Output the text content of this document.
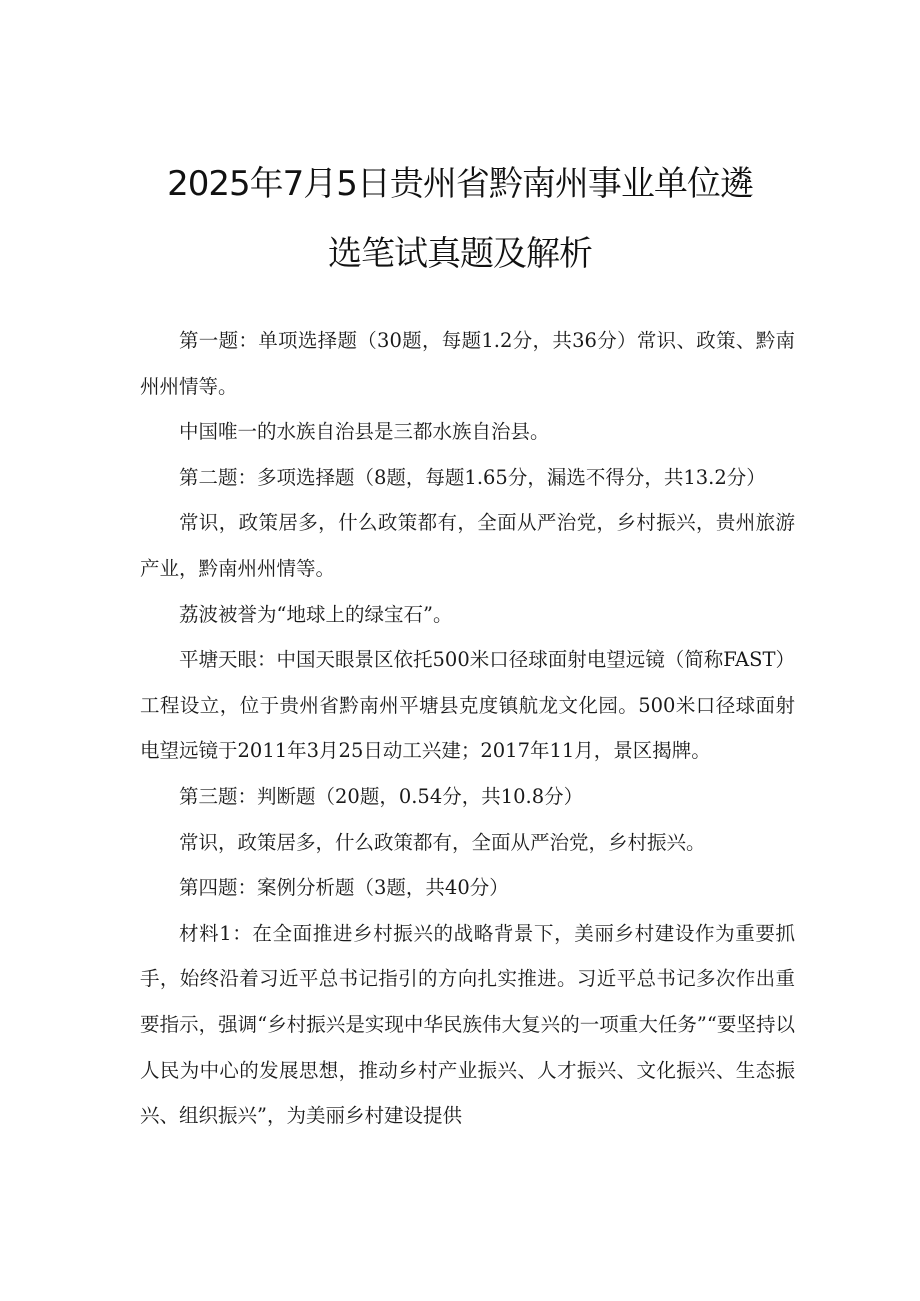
2025年7月5日贵州省黔南州事业单位遴
选笔试真题及解析

第一题：单项选择题（30题，每题1.2分，共36分）常识、政策、黔南州州情等。

中国唯一的水族自治县是三都水族自治县。

第二题：多项选择题（8题，每题1.65分，漏选不得分，共13.2分）

常识，政策居多，什么政策都有，全面从严治党，乡村振兴，贵州旅游产业，黔南州州情等。

荔波被誉为“地球上的绿宝石”。

平塘天眼：中国天眼景区依托500米口径球面射电望远镜（简称FAST）工程设立，位于贵州省黔南州平塘县克度镇航龙文化园。500米口径球面射电望远镜于2011年3月25日动工兴建；2017年11月，景区揭牌。

第三题：判断题（20题，0.54分，共10.8分）

常识，政策居多，什么政策都有，全面从严治党，乡村振兴。

第四题：案例分析题（3题，共40分）

材料1：在全面推进乡村振兴的战略背景下，美丽乡村建设作为重要抓手，始终沿着习近平总书记指引的方向扎实推进。习近平总书记多次作出重要指示，强调“乡村振兴是实现中华民族伟大复兴的一项重大任务”“要坚持以人民为中心的发展思想，推动乡村产业振兴、人才振兴、文化振兴、生态振兴、组织振兴”，为美丽乡村建设提供
